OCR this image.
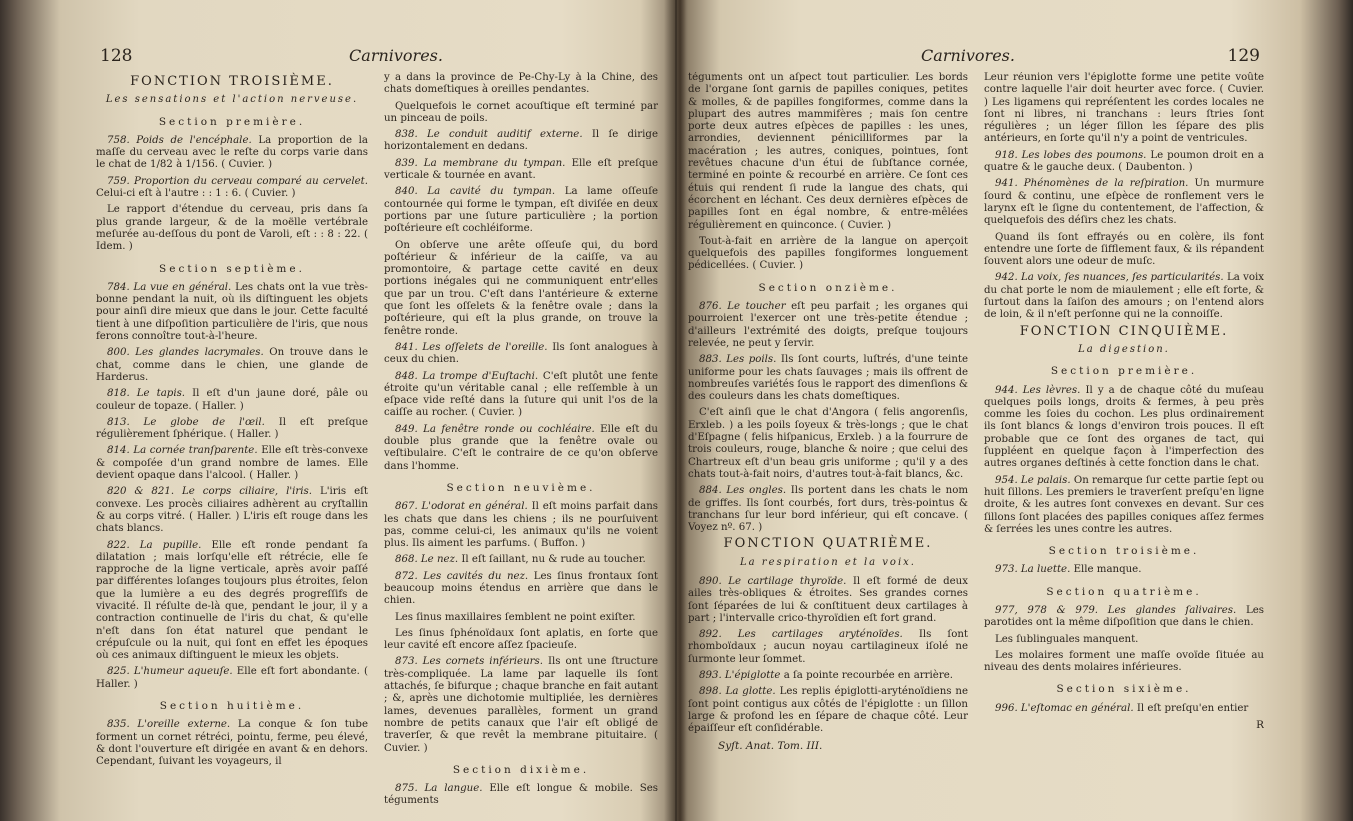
128	Carnivores.
FONCTION TROISIÈME.
Les sensations et l'action nerveuse.
Section première.

758. Poids de l'encéphale. La proportion de la maſſe du cerveau avec le reſte du corps varie dans le chat de 1/82 à 1/156. ( Cuvier. )

759. Proportion du cerveau comparé au cervelet. Celui-ci eſt à l'autre : : 1 : 6. ( Cuvier. )

Le rapport d'étendue du cerveau, pris dans ſa plus grande largeur, & de la moëlle vertébrale meſurée au-deſſous du pont de Varoli, eſt : : 8 : 22. ( Idem. )

Section septième.

784. La vue en général. Les chats ont la vue très-bonne pendant la nuit, où ils diſtinguent les objets pour ainſi dire mieux que dans le jour. Cette faculté tient à une diſpoſition particulière de l'iris, que nous ferons connoître tout-à-l'heure.

800. Les glandes lacrymales. On trouve dans le chat, comme dans le chien, une glande de Harderus.

818. Le tapis. Il eſt d'un jaune doré, pâle ou couleur de topaze. ( Haller. )

813. Le globe de l'œil. Il eſt preſque régulièrement ſphérique. ( Haller. )

814. La cornée tranſparente. Elle eſt très-convexe & compoſée d'un grand nombre de lames. Elle devient opaque dans l'alcool. ( Haller. )

820 & 821. Le corps ciliaire, l'iris. L'iris eſt convexe. Les procès ciliaires adhèrent au cryſtallin & au corps vitré. ( Haller. ) L'iris eſt rouge dans les chats blancs.

822. La pupille. Elle eſt ronde pendant ſa dilatation ; mais lorſqu'elle eſt rétrécie, elle ſe rapproche de la ligne verticale, après avoir paſſé par différentes loſanges toujours plus étroites, ſelon que la lumière a eu des degrés progreſſifs de vivacité. Il réſulte de-là que, pendant le jour, il y a contraction continuelle de l'iris du chat, & qu'elle n'eſt dans ſon état naturel que pendant le crépuſcule ou la nuit, qui ſont en effet les époques où ces animaux diſtinguent le mieux les objets.

825. L'humeur aqueuſe. Elle eſt fort abondante. ( Haller. )

Section huitième.

835. L'oreille externe. La conque & ſon tube forment un cornet rétréci, pointu, ferme, peu élevé, & dont l'ouverture eſt dirigée en avant & en dehors. Cependant, ſuivant les voyageurs, il

y a dans la province de Pe-Chy-Ly à la Chine, des chats domeſtiques à oreilles pendantes.

Quelquefois le cornet acouſtique eſt terminé par un pinceau de poils.

838. Le conduit auditif externe. Il ſe dirige horizontalement en dedans.

839. La membrane du tympan. Elle eſt preſque verticale & tournée en avant.

840. La cavité du tympan. La lame oſſeuſe contournée qui forme le tympan, eſt diviſée en deux portions par une ſuture particulière ; la portion poſtérieure eſt cochléiforme.

On obſerve une arête oſſeuſe qui, du bord poſtérieur & inférieur de la caiſſe, va au promontoire, & partage cette cavité en deux portions inégales qui ne communiquent entr'elles que par un trou. C'eſt dans l'antérieure & externe que ſont les oſſelets & la fenêtre ovale ; dans la poſtérieure, qui eſt la plus grande, on trouve la fenêtre ronde.

841. Les oſſelets de l'oreille. Ils ſont analogues à ceux du chien.

848. La trompe d'Euſtachi. C'eſt plutôt une fente étroite qu'un véritable canal ; elle reſſemble à un eſpace vide reſté dans la ſuture qui unit l'os de la caiſſe au rocher. ( Cuvier. )

849. La fenêtre ronde ou cochléaire. Elle eſt du double plus grande que la fenêtre ovale ou veſtibulaire. C'eſt le contraire de ce qu'on obſerve dans l'homme.

Section neuvième.

867. L'odorat en général. Il eſt moins parfait dans les chats que dans les chiens ; ils ne pourſuivent pas, comme celui-ci, les animaux qu'ils ne voient plus. Ils aiment les parfums. ( Buffon. )

868. Le nez. Il eſt ſaillant, nu & rude au toucher.

872. Les cavités du nez. Les ſinus frontaux ſont beaucoup moins étendus en arrière que dans le chien.

Les ſinus maxillaires ſemblent ne point exiſter.

Les ſinus ſphénoïdaux ſont aplatis, en ſorte que leur cavité eſt encore aſſez ſpacieuſe.

873. Les cornets inférieurs. Ils ont une ſtructure très-compliquée. La lame par laquelle ils ſont attachés, ſe bifurque ; chaque branche en fait autant ; &, après une dichotomie multipliée, les dernières lames, devenues parallèles, forment un grand nombre de petits canaux que l'air eſt obligé de traverſer, & que revêt la membrane pituitaire. ( Cuvier. )

Section dixième.

875. La langue. Elle eſt longue & mobile. Ses téguments

Carnivores.	129

téguments ont un aſpect tout particulier. Les bords de l'organe ſont garnis de papilles coniques, petites & molles, & de papilles fongiformes, comme dans la plupart des autres mammifères ; mais ſon centre porte deux autres eſpèces de papilles : les unes, arrondies, deviennent pénicilliformes par la macération ; les autres, coniques, pointues, ſont revêtues chacune d'un étui de ſubſtance cornée, terminé en pointe & recourbé en arrière. Ce ſont ces étuis qui rendent ſi rude la langue des chats, qui écorchent en léchant. Ces deux dernières eſpèces de papilles ſont en égal nombre, & entre-mêlées régulièrement en quinconce. ( Cuvier. )

Tout-à-fait en arrière de la langue on aperçoit quelquefois des papilles fongiformes longuement pédicellées. ( Cuvier. )

Section onzième.

876. Le toucher eſt peu parfait ; les organes qui pourroient l'exercer ont une très-petite étendue ; d'ailleurs l'extrémité des doigts, preſque toujours relevée, ne peut y ſervir.

883. Les poils. Ils ſont courts, luſtrés, d'une teinte uniforme pour les chats ſauvages ; mais ils offrent de nombreuſes variétés ſous le rapport des dimenſions & des couleurs dans les chats domeſtiques.

C'eſt ainſi que le chat d'Angora ( felis angorenſis, Erxleb. ) a les poils ſoyeux & très-longs ; que le chat d'Eſpagne ( felis hiſpanicus, Erxleb. ) a la fourrure de trois couleurs, rouge, blanche & noire ; que celui des Chartreux eſt d'un beau gris uniforme ; qu'il y a des chats tout-à-fait noirs, d'autres tout-à-fait blancs, &c.

884. Les ongles. Ils portent dans les chats le nom de griffes. Ils ſont courbés, fort durs, très-pointus & tranchans ſur leur bord inférieur, qui eſt concave. ( Voyez nº. 67. )

FONCTION QUATRIÈME.
La respiration et la voix.

890. Le cartilage thyroïde. Il eſt formé de deux ailes très-obliques & étroites. Ses grandes cornes ſont ſéparées de lui & conſtituent deux cartilages à part ; l'intervalle crico-thyroïdien eſt fort grand.

892. Les cartilages aryténoïdes. Ils ſont rhomboïdaux ; aucun noyau cartilagineux iſolé ne ſurmonte leur ſommet.

893. L'épiglotte a ſa pointe recourbée en arrière.

898. La glotte. Les replis épiglotti-aryténoïdiens ne ſont point contigus aux côtés de l'épiglotte : un ſillon large & profond les en ſépare de chaque côté. Leur épaiſſeur eſt conſidérable.

Syſt. Anat. Tom. III.

Leur réunion vers l'épiglotte forme une petite voûte contre laquelle l'air doit heurter avec force. ( Cuvier. ) Les ligamens qui repréſentent les cordes locales ne ſont ni libres, ni tranchans : leurs ſtries ſont régulières ; un léger ſillon les ſépare des plis antérieurs, en ſorte qu'il n'y a point de ventricules.

918. Les lobes des poumons. Le poumon droit en a quatre & le gauche deux. ( Daubenton. )

941. Phénomènes de la reſpiration. Un murmure ſourd & continu, une eſpèce de ronflement vers le larynx eſt le ſigne du contentement, de l'affection, & quelquefois des déſirs chez les chats.

Quand ils ſont effrayés ou en colère, ils font entendre une ſorte de ſifflement faux, & ils répandent ſouvent alors une odeur de muſc.

942. La voix, ſes nuances, ſes particularités. La voix du chat porte le nom de miaulement ; elle eſt forte, & ſurtout dans la ſaiſon des amours ; on l'entend alors de loin, & il n'eſt perſonne qui ne la connoiſſe.

FONCTION CINQUIÈME.
La digestion.
Section première.

944. Les lèvres. Il y a de chaque côté du muſeau quelques poils longs, droits & fermes, à peu près comme les ſoies du cochon. Les plus ordinairement ils ſont blancs & longs d'environ trois pouces. Il eſt probable que ce ſont des organes de tact, qui ſuppléent en quelque façon à l'imperfection des autres organes deſtinés à cette fonction dans le chat.

954. Le palais. On remarque ſur cette partie ſept ou huit ſillons. Les premiers le traverſent preſqu'en ligne droite, & les autres ſont convexes en devant. Sur ces ſillons ſont placées des papilles coniques aſſez fermes & ſerrées les unes contre les autres.

Section troisième.

973. La luette. Elle manque.

Section quatrième.

977, 978 & 979. Les glandes ſalivaires. Les parotides ont la même diſpoſition que dans le chien.

Les ſublinguales manquent.

Les molaires forment une maſſe ovoïde ſituée au niveau des dents molaires inférieures.

Section sixième.

996. L'eſtomac en général. Il eſt preſqu'en entier

R
